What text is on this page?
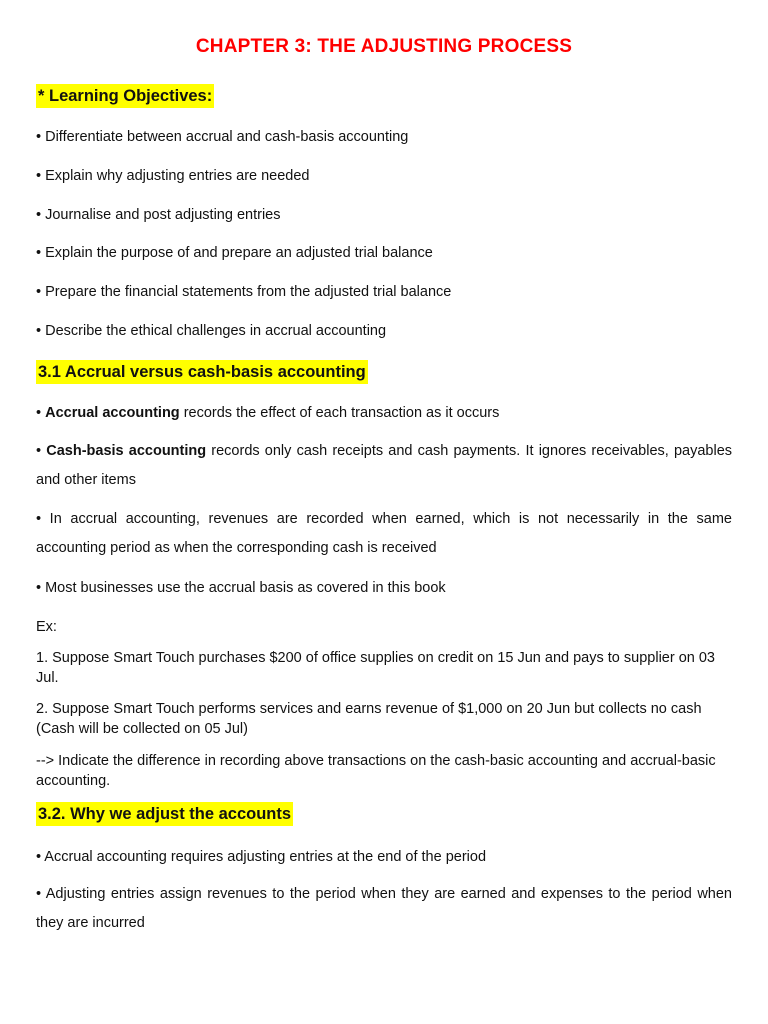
CHAPTER 3: THE ADJUSTING PROCESS
* Learning Objectives:
• Differentiate between accrual and cash-basis accounting
• Explain why adjusting entries are needed
• Journalise and post adjusting entries
• Explain the purpose of and prepare an adjusted trial balance
• Prepare the financial statements from the adjusted trial balance
• Describe the ethical challenges in accrual accounting
3.1 Accrual versus cash-basis accounting
• Accrual accounting records the effect of each transaction as it occurs
• Cash-basis accounting records only cash receipts and cash payments. It ignores receivables, payables and other items
• In accrual accounting, revenues are recorded when earned, which is not necessarily in the same accounting period as when the corresponding cash is received
• Most businesses use the accrual basis as covered in this book
Ex:
1. Suppose Smart Touch purchases $200 of office supplies on credit on 15 Jun and pays to supplier on 03 Jul.
2. Suppose Smart Touch performs services and earns revenue of $1,000 on 20 Jun but collects no cash (Cash will be collected on 05 Jul)
--> Indicate the difference in recording above transactions on the cash-basic accounting and accrual-basic accounting.
3.2. Why we adjust the accounts
• Accrual accounting requires adjusting entries at the end of the period
• Adjusting entries assign revenues to the period when they are earned and expenses to the period when they are incurred
